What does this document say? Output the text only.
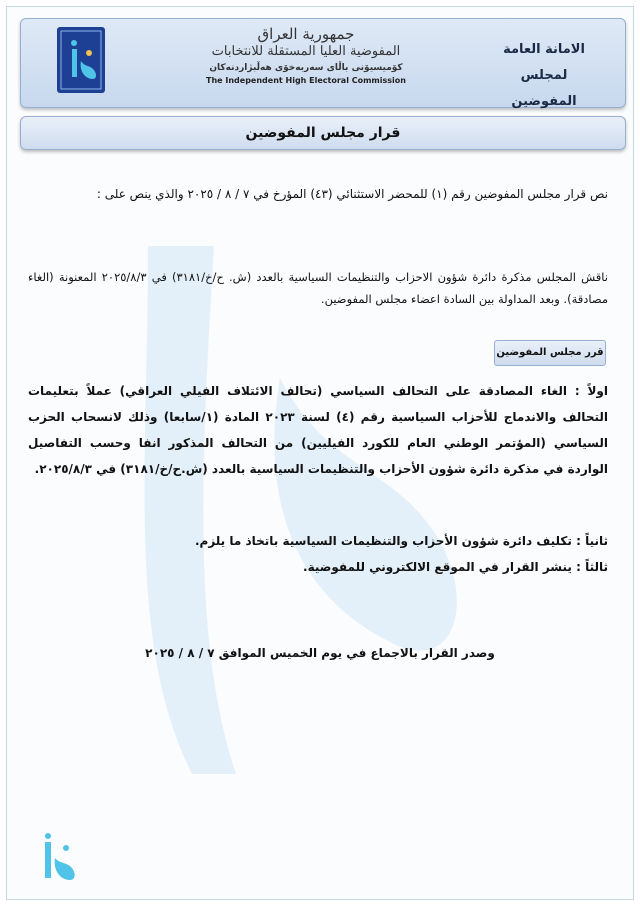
جمهورية العراق
المفوضية العليا المستقلة للانتخابات
كۆمیسیۆنی باڵای سەربەخۆی هەڵبژاردنەکان
The Independent High Electoral Commission
الامانة العامة
لمجلس المفوضين
قرار مجلس المفوضين
نص قرار مجلس المفوضين رقم (١) للمحضر الاستثنائي (٤٣) المؤرخ في ٧ / ٨ / ٢٠٢٥ والذي ينص على :
ناقش المجلس مذكرة دائرة شؤون الاحزاب والتنظيمات السياسية بالعدد (ش. ح/خ/٣١٨١) في ٢٠٢٥/٨/٣ المعنونة (الغاء مصادقة). وبعد المداولة بين السادة اعضاء مجلس المفوضين.
قرر مجلس المفوضين
اولاً : الغاء المصادقة على التحالف السياسي (تحالف الائتلاف الفيلي العراقي) عملاً بتعليمات التحالف والاندماج للأحزاب السياسية رقم (٤) لسنة ٢٠٢٣ المادة (١/سابعا) وذلك لانسحاب الحزب السياسي (المؤتمر الوطني العام للكورد الفيليين) من التحالف المذكور انفا وحسب التفاصيل الواردة في مذكرة دائرة شؤون الأحزاب والتنظيمات السياسية بالعدد (ش.ح/خ/٣١٨١) في ٢٠٢٥/٨/٣.
ثانياً : تكليف دائرة شؤون الأحزاب والتنظيمات السياسية باتخاذ ما يلزم.
ثالثاً : ينشر القرار في الموقع الالكتروني للمفوضية.
وصدر القرار بالاجماع في يوم الخميس الموافق ٧ / ٨ / ٢٠٢٥
